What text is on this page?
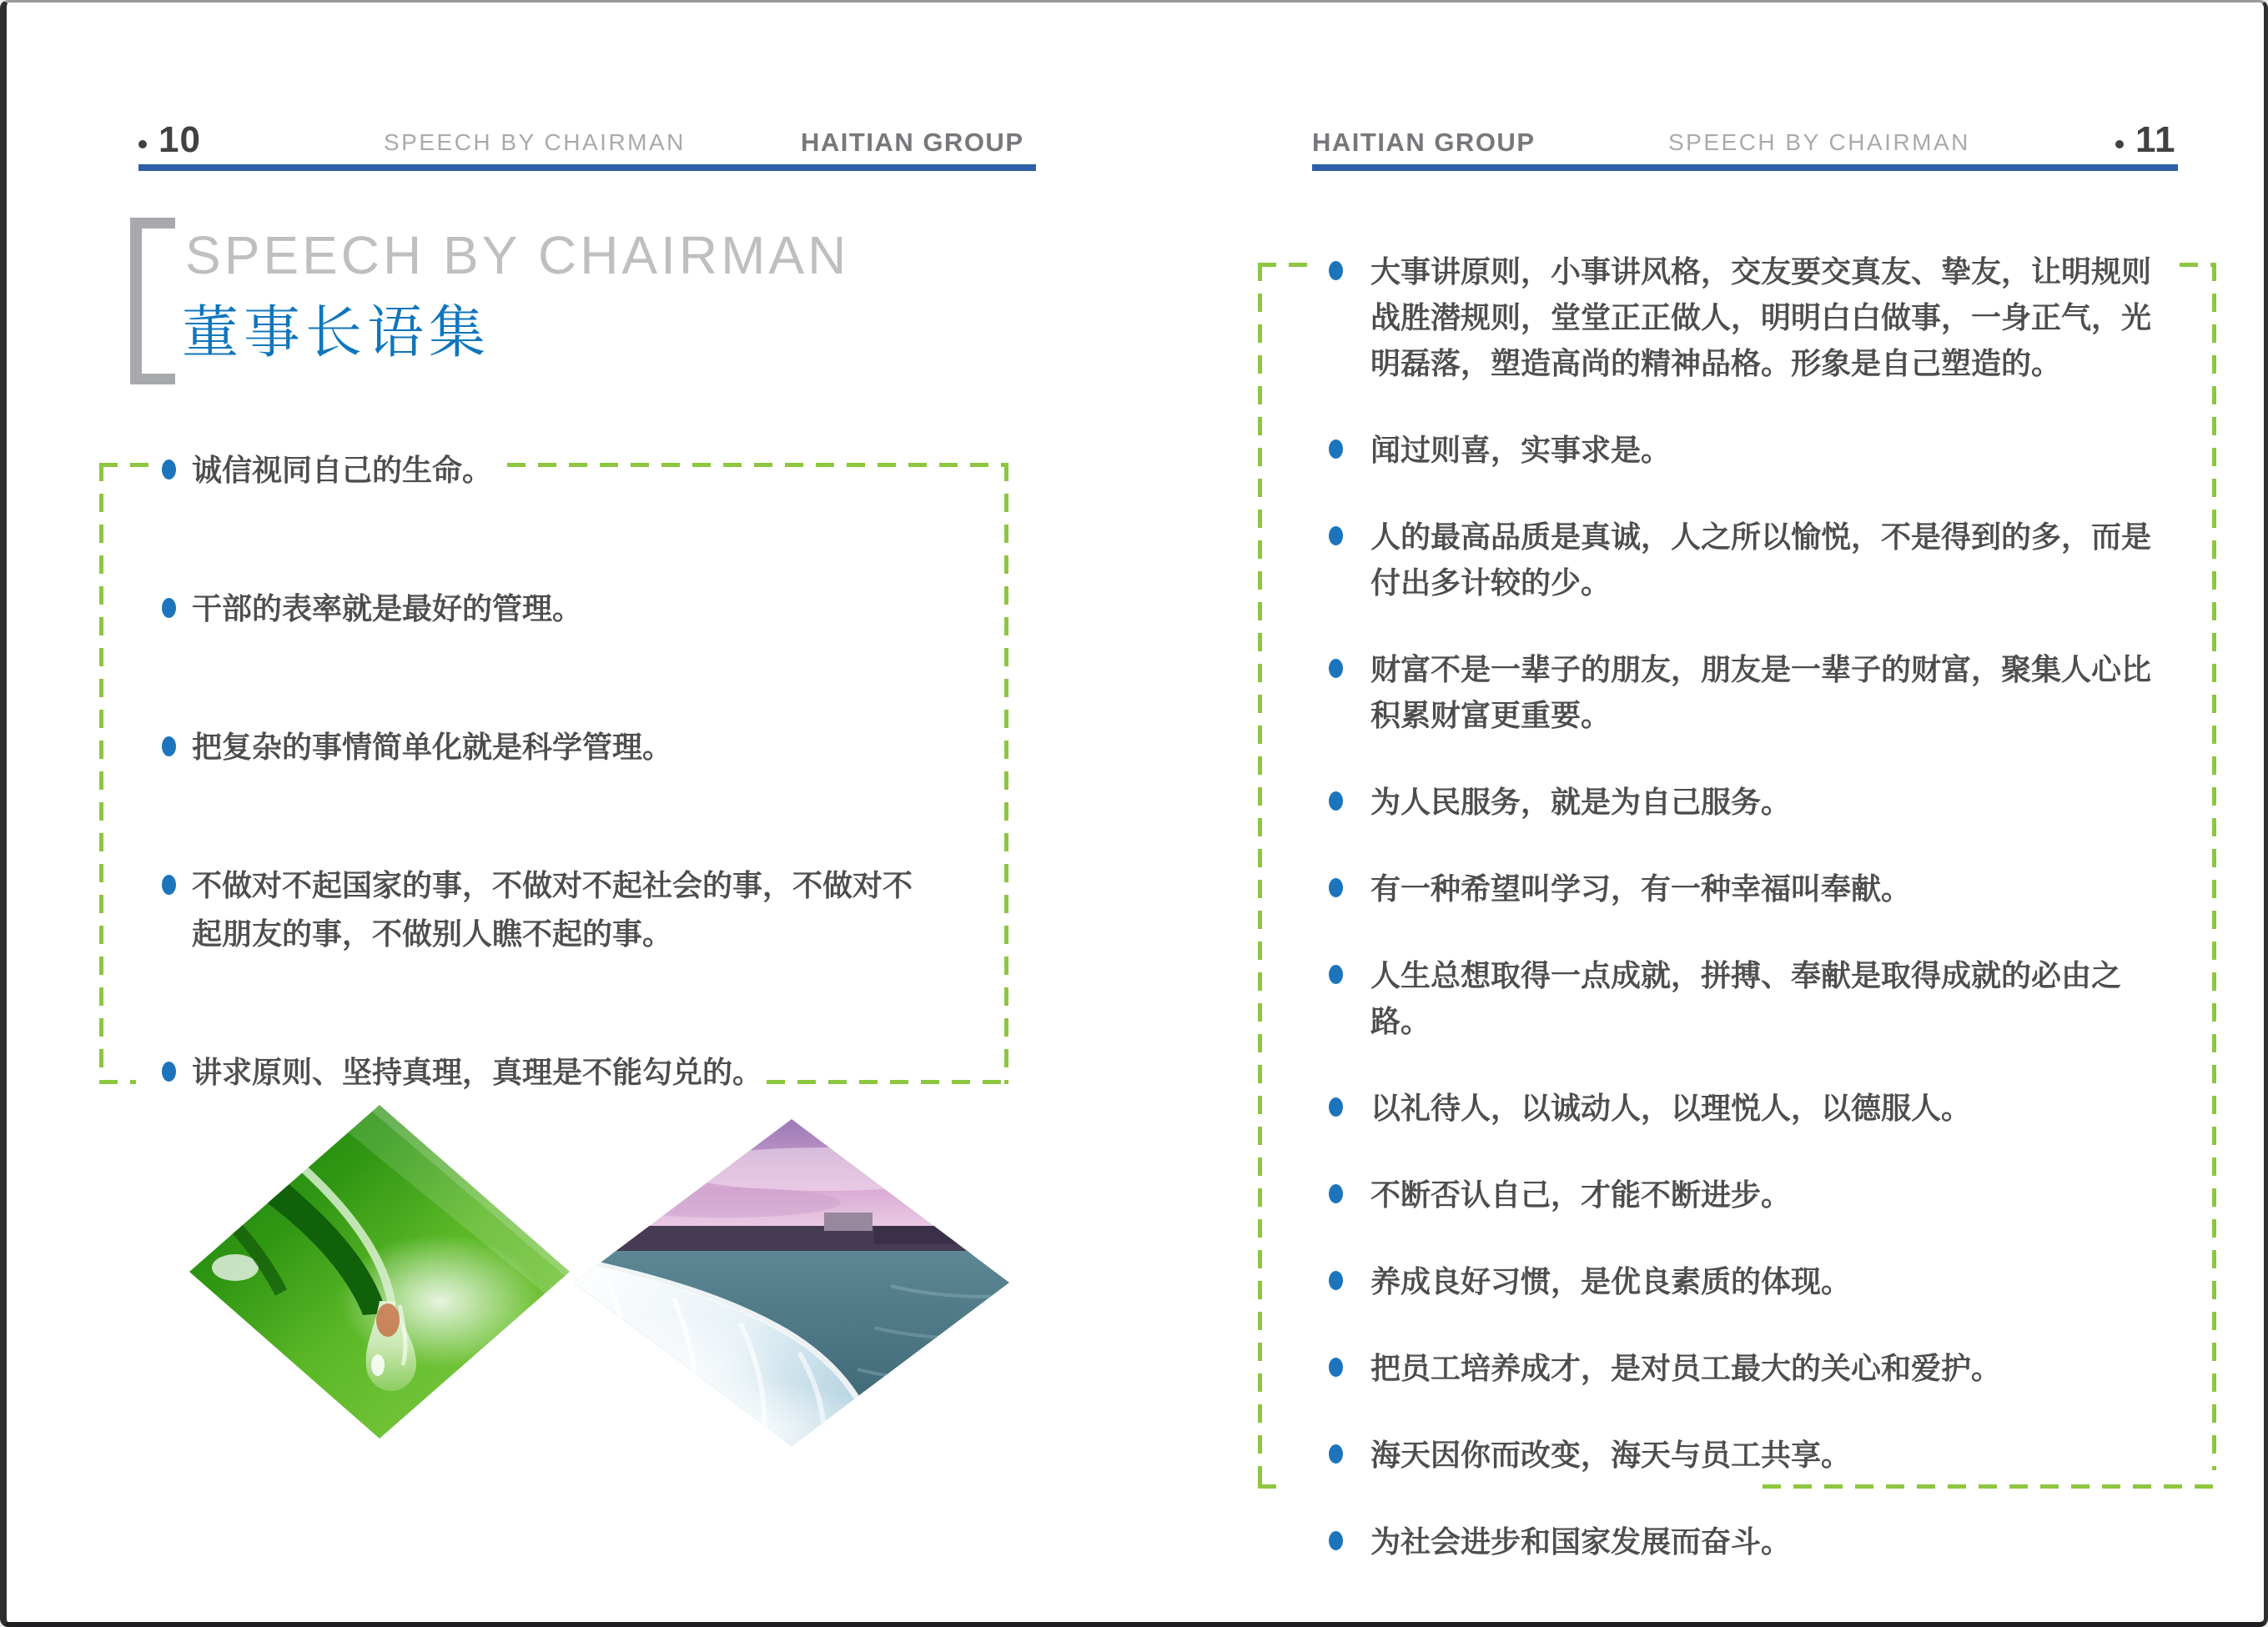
10	SPEECH BY CHAIRMAN	HAITIAN GROUP
SPEECH BY CHAIRMAN
董事长语集
诚信视同自己的生命。
干部的表率就是最好的管理。
把复杂的事情简单化就是科学管理。
不做对不起国家的事，不做对不起社会的事，不做对不起朋友的事，不做别人瞧不起的事。
讲求原则、坚持真理，真理是不能勾兑的。
HAITIAN GROUP	SPEECH BY CHAIRMAN	11
大事讲原则，小事讲风格，交友要交真友、挚友，让明规则战胜潜规则，堂堂正正做人，明明白白做事，一身正气，光明磊落，塑造高尚的精神品格。形象是自己塑造的。
闻过则喜，实事求是。
人的最高品质是真诚，人之所以愉悦，不是得到的多，而是付出多计较的少。
财富不是一辈子的朋友，朋友是一辈子的财富，聚集人心比积累财富更重要。
为人民服务，就是为自己服务。
有一种希望叫学习，有一种幸福叫奉献。
人生总想取得一点成就，拼搏、奉献是取得成就的必由之路。
以礼待人，以诚动人，以理悦人，以德服人。
不断否认自己，才能不断进步。
养成良好习惯，是优良素质的体现。
把员工培养成才，是对员工最大的关心和爱护。
海天因你而改变，海天与员工共享。
为社会进步和国家发展而奋斗。
